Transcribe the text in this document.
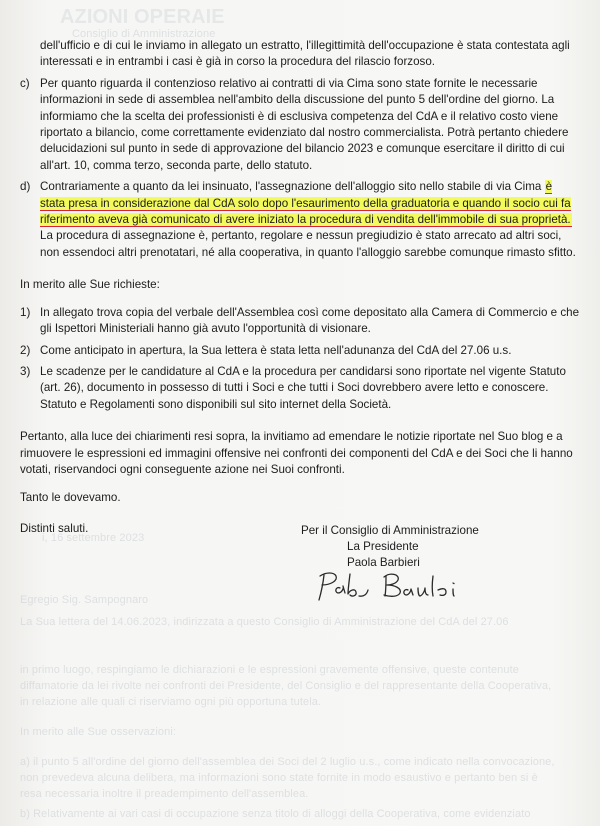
AZIONI OPERAIE
Consiglio di Amministrazione
i, 16 settembre 2023
Egregio Sig. Sampognaro
La Sua lettera del 14.06.2023, indirizzata a questo Consiglio di Amministrazione del CdA del 27.06
in primo luogo, respingiamo le dichiarazioni e le espressioni gravemente offensive, queste contenute
diffamatorie da lei rivolte nei confronti dei Presidente, del Consiglio e del rappresentante della Cooperativa,
in relazione alle quali ci riserviamo ogni più opportuna tutela.
In merito alle Sue osservazioni:
a) il punto 5 all'ordine del giorno dell'assemblea dei Soci del 2 luglio u.s., come indicato nella convocazione,
non prevedeva alcuna delibera, ma informazioni sono state fornite in modo esaustivo e pertanto ben si è
resa necessaria inoltre il preadempimento dell'assemblea.
b) Relativamente ai vari casi di occupazione senza titolo di alloggi della Cooperativa, come evidenziato

dell'ufficio e di cui le inviamo in allegato un estratto, l'illegittimità dell'occupazione è stata contestata agli interessati e in entrambi i casi è già in corso la procedura del rilascio forzoso.

c) Per quanto riguarda il contenzioso relativo ai contratti di via Cima sono state fornite le necessarie informazioni in sede di assemblea nell'ambito della discussione del punto 5 dell'ordine del giorno. La informiamo che la scelta dei professionisti è di esclusiva competenza del CdA e il relativo costo viene riportato a bilancio, come correttamente evidenziato dal nostro commercialista. Potrà pertanto chiedere delucidazioni sul punto in sede di approvazione del bilancio 2023 e comunque esercitare il diritto di cui all'art. 10, comma terzo, seconda parte, dello statuto.

d) Contrariamente a quanto da lei insinuato, l'assegnazione dell'alloggio sito nello stabile di via Cima è stata presa in considerazione dal CdA solo dopo l'esaurimento della graduatoria e quando il socio cui fa riferimento aveva già comunicato di avere iniziato la procedura di vendita dell'immobile di sua proprietà.

La procedura di assegnazione è, pertanto, regolare e nessun pregiudizio è stato arrecato ad altri soci, non essendoci altri prenotatari, né alla cooperativa, in quanto l'alloggio sarebbe comunque rimasto sfitto.

In merito alle Sue richieste:

1) In allegato trova copia del verbale dell'Assemblea così come depositato alla Camera di Commercio e che gli Ispettori Ministeriali hanno già avuto l'opportunità di visionare.

2) Come anticipato in apertura, la Sua lettera è stata letta nell'adunanza del CdA del 27.06 u.s.

3) Le scadenze per le candidature al CdA e la procedura per candidarsi sono riportate nel vigente Statuto (art. 26), documento in possesso di tutti i Soci e che tutti i Soci dovrebbero avere letto e conoscere. Statuto e Regolamenti sono disponibili sul sito internet della Società.

Pertanto, alla luce dei chiarimenti resi sopra, la invitiamo ad emendare le notizie riportate nel Suo blog e a rimuovere le espressioni ed immagini offensive nei confronti dei componenti del CdA e dei Soci che li hanno votati, riservandoci ogni conseguente azione nei Suoi confronti.

Tanto le dovevamo.
Distinti saluti.	Per il Consiglio di Amministrazione
La Presidente
Paola Barbieri
